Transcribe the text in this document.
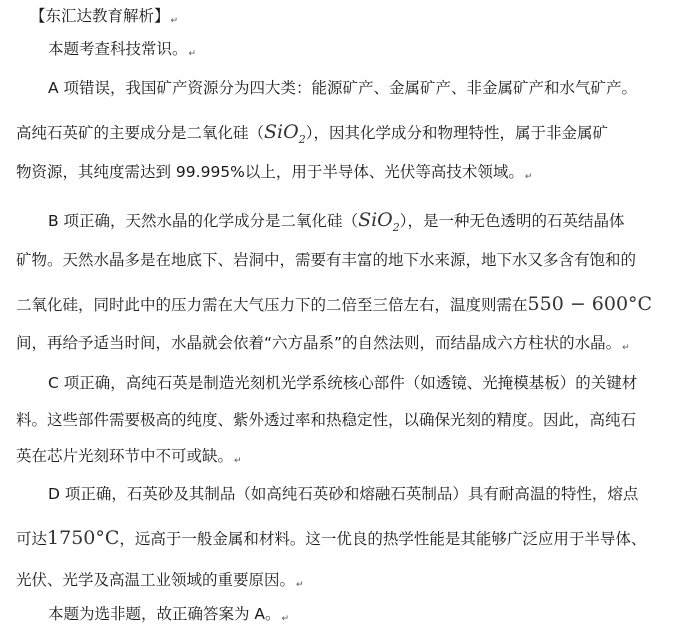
【东汇达教育解析】↵
本题考查科技常识。↵
A 项错误，我国矿产资源分为四大类：能源矿产、金属矿产、非金属矿产和水气矿产。
高纯石英矿的主要成分是二氧化硅（SiO$_2$），因其化学成分和物理特性，属于非金属矿
物资源，其纯度需达到 99.995%以上，用于半导体、光伏等高技术领域。↵
B 项正确，天然水晶的化学成分是二氧化硅（SiO$_2$），是一种无色透明的石英结晶体
矿物。天然水晶多是在地底下、岩洞中，需要有丰富的地下水来源，地下水又多含有饱和的
二氧化硅，同时此中的压力需在大气压力下的二倍至三倍左右，温度则需在550 − 600°C
间，再给予适当时间，水晶就会依着“六方晶系”的自然法则，而结晶成六方柱状的水晶。↵
C 项正确，高纯石英是制造光刻机光学系统核心部件（如透镜、光掩模基板）的关键材
料。这些部件需要极高的纯度、紫外透过率和热稳定性，以确保光刻的精度。因此，高纯石
英在芯片光刻环节中不可或缺。↵
D 项正确，石英砂及其制品（如高纯石英砂和熔融石英制品）具有耐高温的特性，熔点
可达1750°C，远高于一般金属和材料。这一优良的热学性能是其能够广泛应用于半导体、
光伏、光学及高温工业领域的重要原因。↵
本题为选非题，故正确答案为 A。↵
